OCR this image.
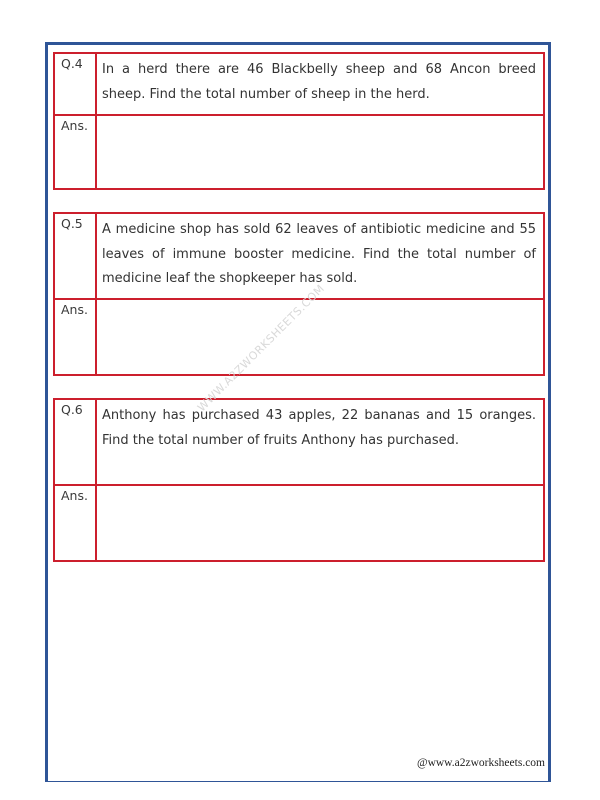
Q.4	In a herd there are 46 Blackbelly sheep and 68 Ancon breed sheep. Find the total number of sheep in the herd.
Ans.
Q.5	A medicine shop has sold 62 leaves of antibiotic medicine and 55 leaves of immune booster medicine. Find the total number of medicine leaf the shopkeeper has sold.
Ans.
Q.6	Anthony has purchased 43 apples, 22 bananas and 15 oranges. Find the total number of fruits Anthony has purchased.
Ans.
WWW.A2ZWORKSHEETS.COM
@www.a2zworksheets.com
